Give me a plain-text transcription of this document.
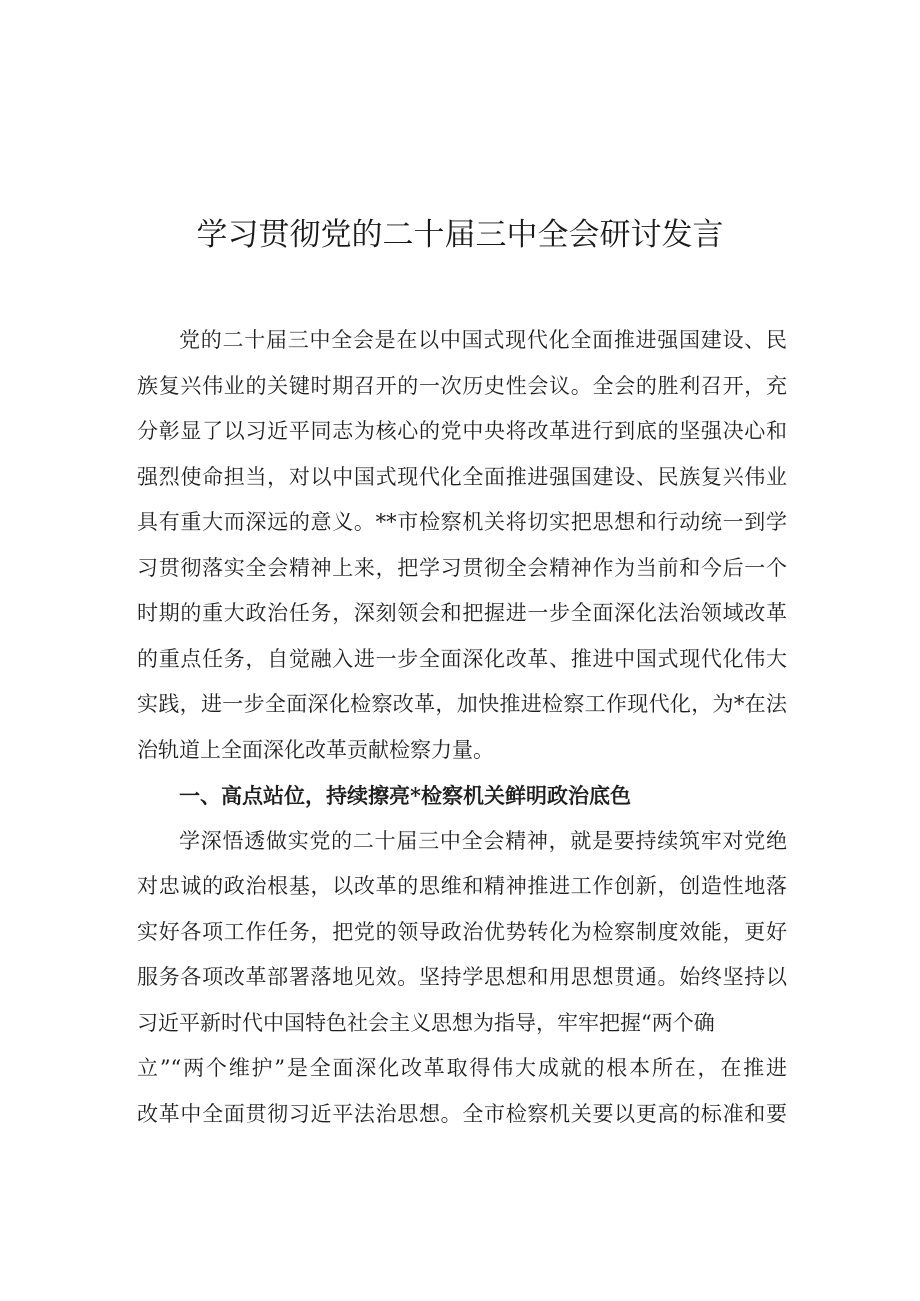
学习贯彻党的二十届三中全会研讨发言
党的二十届三中全会是在以中国式现代化全面推进强国建设、民
族复兴伟业的关键时期召开的一次历史性会议。全会的胜利召开，充
分彰显了以习近平同志为核心的党中央将改革进行到底的坚强决心和
强烈使命担当，对以中国式现代化全面推进强国建设、民族复兴伟业
具有重大而深远的意义。**市检察机关将切实把思想和行动统一到学
习贯彻落实全会精神上来，把学习贯彻全会精神作为当前和今后一个
时期的重大政治任务，深刻领会和把握进一步全面深化法治领域改革
的重点任务，自觉融入进一步全面深化改革、推进中国式现代化伟大
实践，进一步全面深化检察改革，加快推进检察工作现代化，为*在法
治轨道上全面深化改革贡献检察力量。
一、高点站位，持续擦亮*检察机关鲜明政治底色
学深悟透做实党的二十届三中全会精神，就是要持续筑牢对党绝
对忠诚的政治根基，以改革的思维和精神推进工作创新，创造性地落
实好各项工作任务，把党的领导政治优势转化为检察制度效能，更好
服务各项改革部署落地见效。坚持学思想和用思想贯通。始终坚持以
习近平新时代中国特色社会主义思想为指导，牢牢把握“两个确
立”“两个维护”是全面深化改革取得伟大成就的根本所在，在推进
改革中全面贯彻习近平法治思想。全市检察机关要以更高的标准和要
